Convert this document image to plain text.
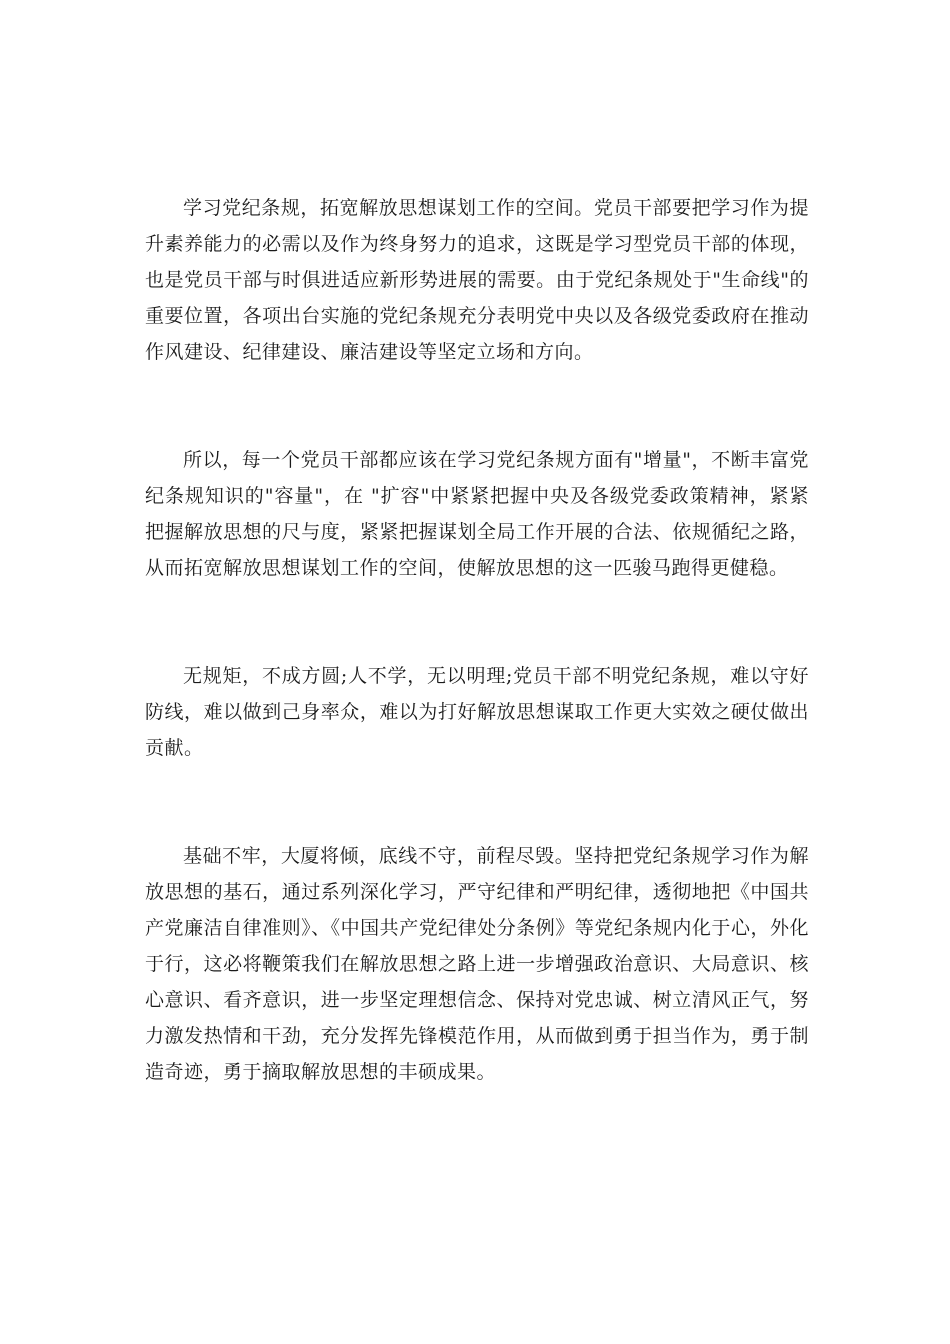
学习党纪条规，拓宽解放思想谋划工作的空间。党员干部要把学习作为提升素养能力的必需以及作为终身努力的追求，这既是学习型党员干部的体现，也是党员干部与时俱进适应新形势进展的需要。由于党纪条规处于"生命线"的重要位置，各项出台实施的党纪条规充分表明党中央以及各级党委政府在推动作风建设、纪律建设、廉洁建设等坚定立场和方向。

所以，每一个党员干部都应该在学习党纪条规方面有"增量"，不断丰富党纪条规知识的"容量"，在 "扩容"中紧紧把握中央及各级党委政策精神，紧紧把握解放思想的尺与度，紧紧把握谋划全局工作开展的合法、依规循纪之路，从而拓宽解放思想谋划工作的空间，使解放思想的这一匹骏马跑得更健稳。

无规矩，不成方圆;人不学，无以明理;党员干部不明党纪条规，难以守好防线，难以做到己身率众，难以为打好解放思想谋取工作更大实效之硬仗做出贡献。

基础不牢，大厦将倾，底线不守，前程尽毁。坚持把党纪条规学习作为解放思想的基石，通过系列深化学习，严守纪律和严明纪律，透彻地把《中国共产党廉洁自律准则》、《中国共产党纪律处分条例》等党纪条规内化于心，外化于行，这必将鞭策我们在解放思想之路上进一步增强政治意识、大局意识、核心意识、看齐意识，进一步坚定理想信念、保持对党忠诚、树立清风正气，努力激发热情和干劲，充分发挥先锋模范作用，从而做到勇于担当作为，勇于制造奇迹，勇于摘取解放思想的丰硕成果。
